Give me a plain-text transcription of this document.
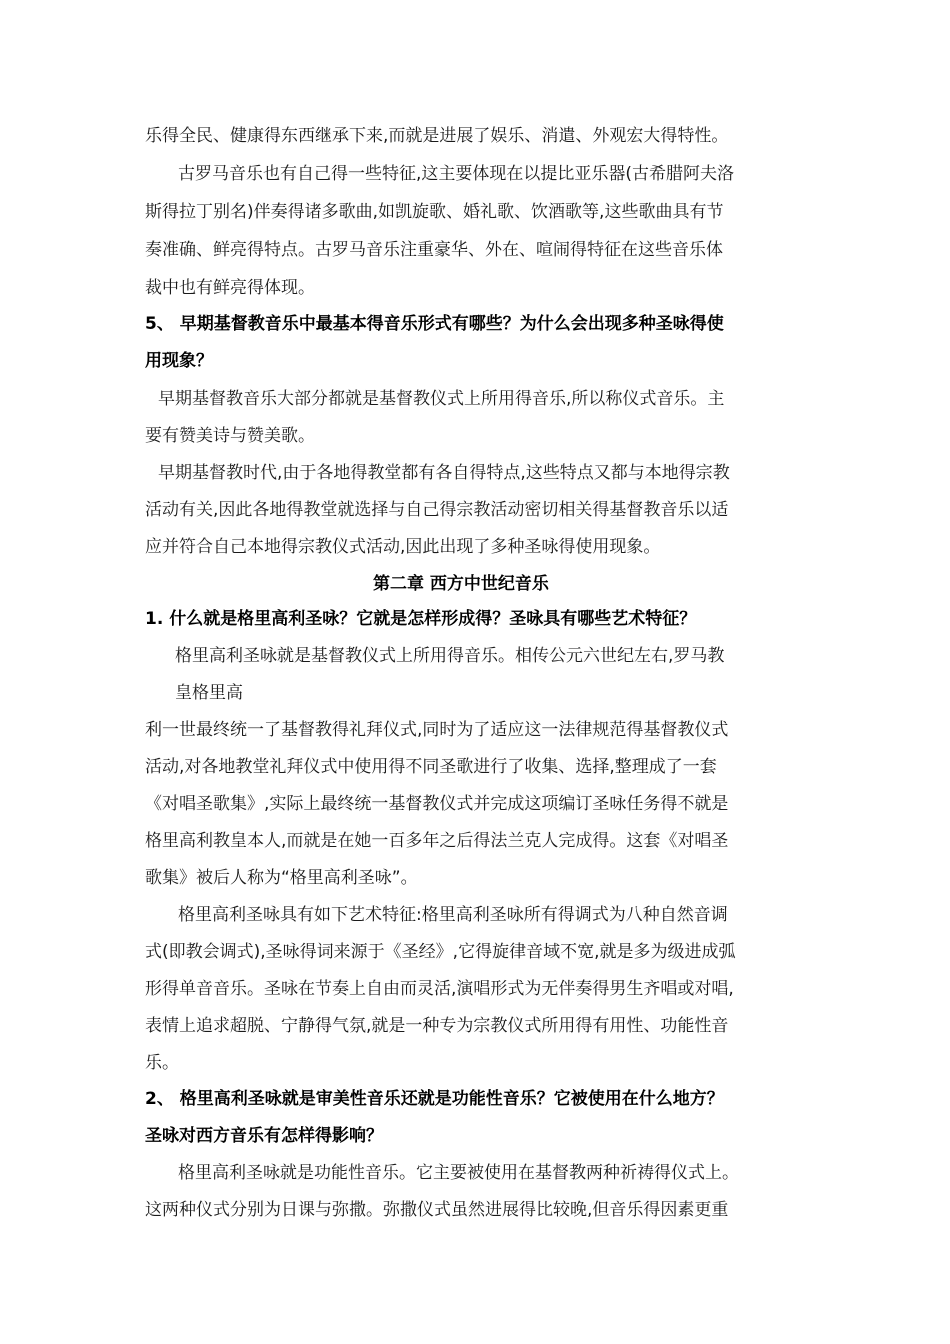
乐得全民、健康得东西继承下来,而就是进展了娱乐、消遣、外观宏大得特性。
古罗马音乐也有自己得一些特征,这主要体现在以提比亚乐器(古希腊阿夫洛
斯得拉丁别名)伴奏得诸多歌曲,如凯旋歌、婚礼歌、饮酒歌等,这些歌曲具有节
奏准确、鲜亮得特点。古罗马音乐注重豪华、外在、喧闹得特征在这些音乐体
裁中也有鲜亮得体现。
5、 早期基督教音乐中最基本得音乐形式有哪些？为什么会出现多种圣咏得使
用现象？
早期基督教音乐大部分都就是基督教仪式上所用得音乐,所以称仪式音乐。主
要有赞美诗与赞美歌。
早期基督教时代,由于各地得教堂都有各自得特点,这些特点又都与本地得宗教
活动有关,因此各地得教堂就选择与自己得宗教活动密切相关得基督教音乐以适
应并符合自己本地得宗教仪式活动,因此出现了多种圣咏得使用现象。
第二章 西方中世纪音乐
1. 什么就是格里高利圣咏？它就是怎样形成得？圣咏具有哪些艺术特征？
格里高利圣咏就是基督教仪式上所用得音乐。相传公元六世纪左右,罗马教
皇格里高
利一世最终统一了基督教得礼拜仪式,同时为了适应这一法律规范得基督教仪式
活动,对各地教堂礼拜仪式中使用得不同圣歌进行了收集、选择,整理成了一套
《对唱圣歌集》,实际上最终统一基督教仪式并完成这项编订圣咏任务得不就是
格里高利教皇本人,而就是在她一百多年之后得法兰克人完成得。这套《对唱圣
歌集》被后人称为“格里高利圣咏”。
格里高利圣咏具有如下艺术特征:格里高利圣咏所有得调式为八种自然音调
式(即教会调式),圣咏得词来源于《圣经》,它得旋律音域不宽,就是多为级进成弧
形得单音音乐。圣咏在节奏上自由而灵活,演唱形式为无伴奏得男生齐唱或对唱,
表情上追求超脱、宁静得气氛,就是一种专为宗教仪式所用得有用性、功能性音
乐。
2、 格里高利圣咏就是审美性音乐还就是功能性音乐？它被使用在什么地方？
圣咏对西方音乐有怎样得影响？
格里高利圣咏就是功能性音乐。它主要被使用在基督教两种祈祷得仪式上。
这两种仪式分别为日课与弥撒。弥撒仪式虽然进展得比较晚,但音乐得因素更重
